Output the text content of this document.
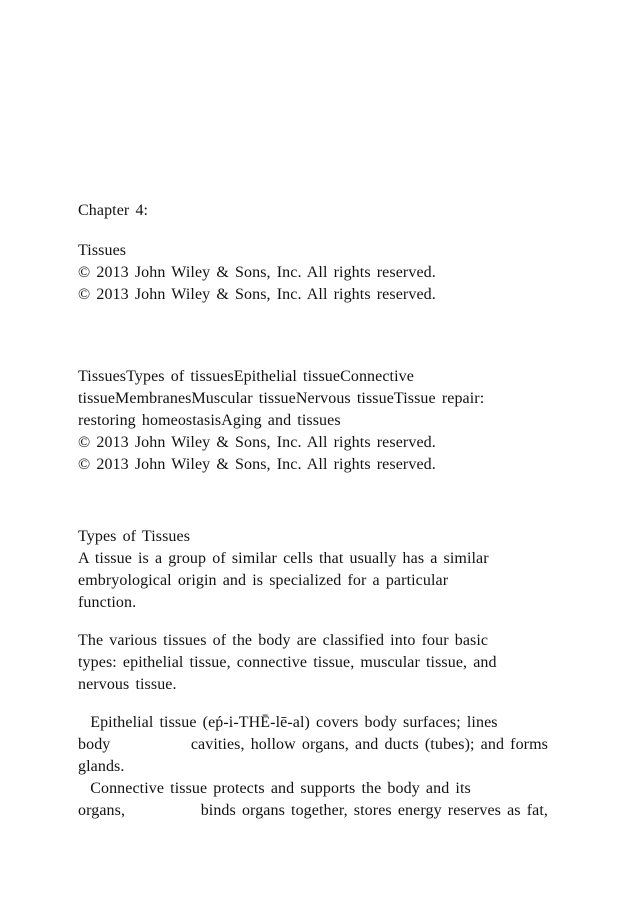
Chapter 4:
Tissues
© 2013 John Wiley & Sons, Inc. All rights reserved.
© 2013 John Wiley & Sons, Inc. All rights reserved.
TissuesTypes of tissuesEpithelial tissueConnective
tissueMembranesMuscular tissueNervous tissueTissue repair:
restoring homeostasisAging and tissues
© 2013 John Wiley & Sons, Inc. All rights reserved.
© 2013 John Wiley & Sons, Inc. All rights reserved.
Types of Tissues
A tissue is a group of similar cells that usually has a similar
embryological origin and is specialized for a particular
function.
The various tissues of the body are classified into four basic
types: epithelial tissue, connective tissue, muscular tissue, and
nervous tissue.
Epithelial tissue (eṕ-i-THĒ-lē-al) covers body surfaces; lines
body	cavities, hollow organs, and ducts (tubes); and forms
glands.
Connective tissue protects and supports the body and its
organs,	binds organs together, stores energy reserves as fat,
